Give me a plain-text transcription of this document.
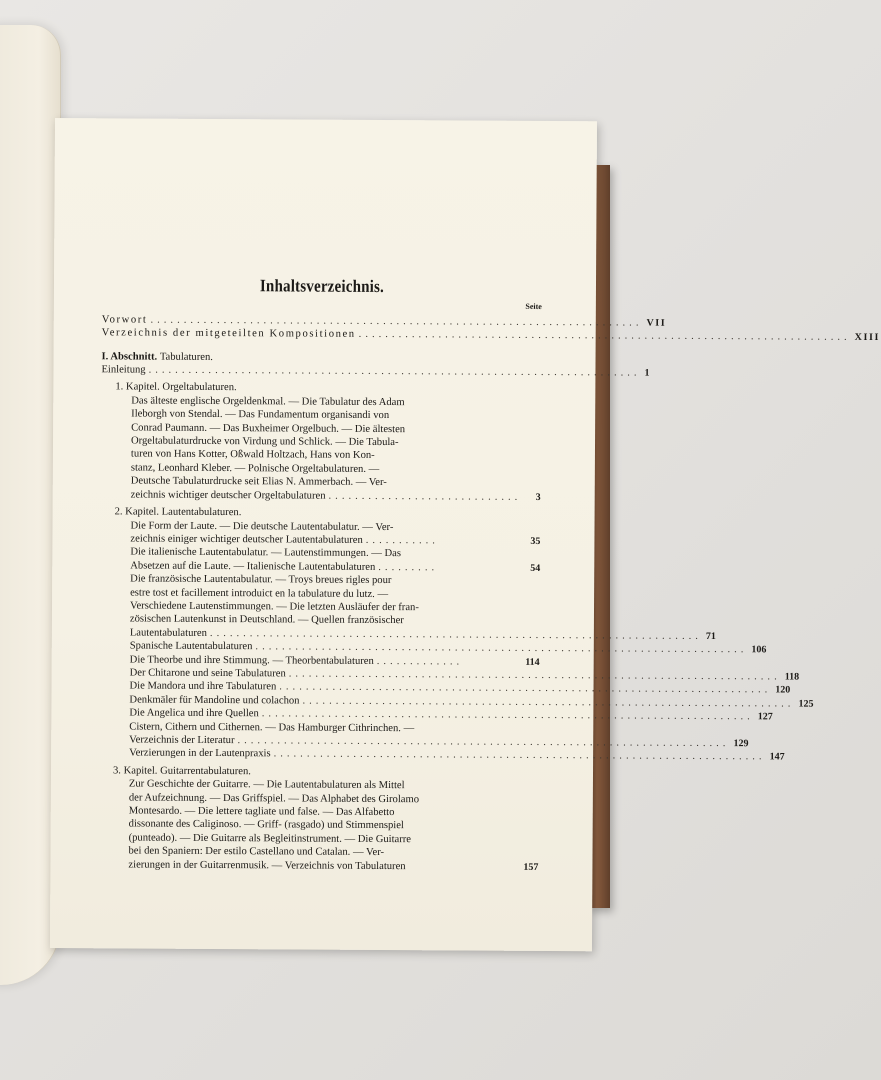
Inhaltsverzeichnis.
Seite
Vorwort .......................................................................... VII
Verzeichnis der mitgeteilten Kompositionen .......................................................................... XIII
I. Abschnitt. Tabulaturen.
Einleitung .......................................................................... 1
1. Kapitel. Orgeltabulaturen.
Das älteste englische Orgeldenkmal. — Die Tabulatur des Adam
Ileborgh von Stendal. — Das Fundamentum organisandi von
Conrad Paumann. — Das Buxheimer Orgelbuch. — Die ältesten
Orgeltabulaturdrucke von Virdung und Schlick. — Die Tabula-
turen von Hans Kotter, Oßwald Holtzach, Hans von Kon-
stanz, Leonhard Kleber. — Polnische Orgeltabulaturen. —
Deutsche Tabulaturdrucke seit Elias N. Ammerbach. — Ver-
zeichnis wichtiger deutscher Orgeltabulaturen .............................	3
2. Kapitel. Lautentabulaturen.
Die Form der Laute. — Die deutsche Lautentabulatur. — Ver-
zeichnis einiger wichtiger deutscher Lautentabulaturen ...........	35
Die italienische Lautentabulatur. — Lautenstimmungen. — Das
Absetzen auf die Laute. — Italienische Lautentabulaturen .........	54
Die französische Lautentabulatur. — Troys breues rigles pour
estre tost et facillement introduict en la tabulature du lutz. —
Verschiedene Lautenstimmungen. — Die letzten Ausläufer der fran-
zösischen Lautenkunst in Deutschland. — Quellen französischer
Lautentabulaturen .......................................................................... 71
Spanische Lautentabulaturen .......................................................................... 106
Die Theorbe und ihre Stimmung. — Theorbentabulaturen .............	114
Der Chitarone und seine Tabulaturen .......................................................................... 118
Die Mandora und ihre Tabulaturen .......................................................................... 120
Denkmäler für Mandoline und colachon .......................................................................... 125
Die Angelica und ihre Quellen .......................................................................... 127
Cistern, Cithern und Cithernen. — Das Hamburger Cithrinchen. —
Verzeichnis der Literatur .......................................................................... 129
Verzierungen in der Lautenpraxis .......................................................................... 147
3. Kapitel. Guitarrentabulaturen.
Zur Geschichte der Guitarre. — Die Lautentabulaturen als Mittel
der Aufzeichnung. — Das Griffspiel. — Das Alphabet des Girolamo
Montesardo. — Die lettere tagliate und false. — Das Alfabetto
dissonante des Caliginoso. — Griff- (rasgado) und Stimmenspiel
(punteado). — Die Guitarre als Begleitinstrument. — Die Guitarre
bei den Spaniern: Der estilo Castellano und Catalan. — Ver-
zierungen in der Guitarrenmusik. — Verzeichnis von Tabulaturen	157
